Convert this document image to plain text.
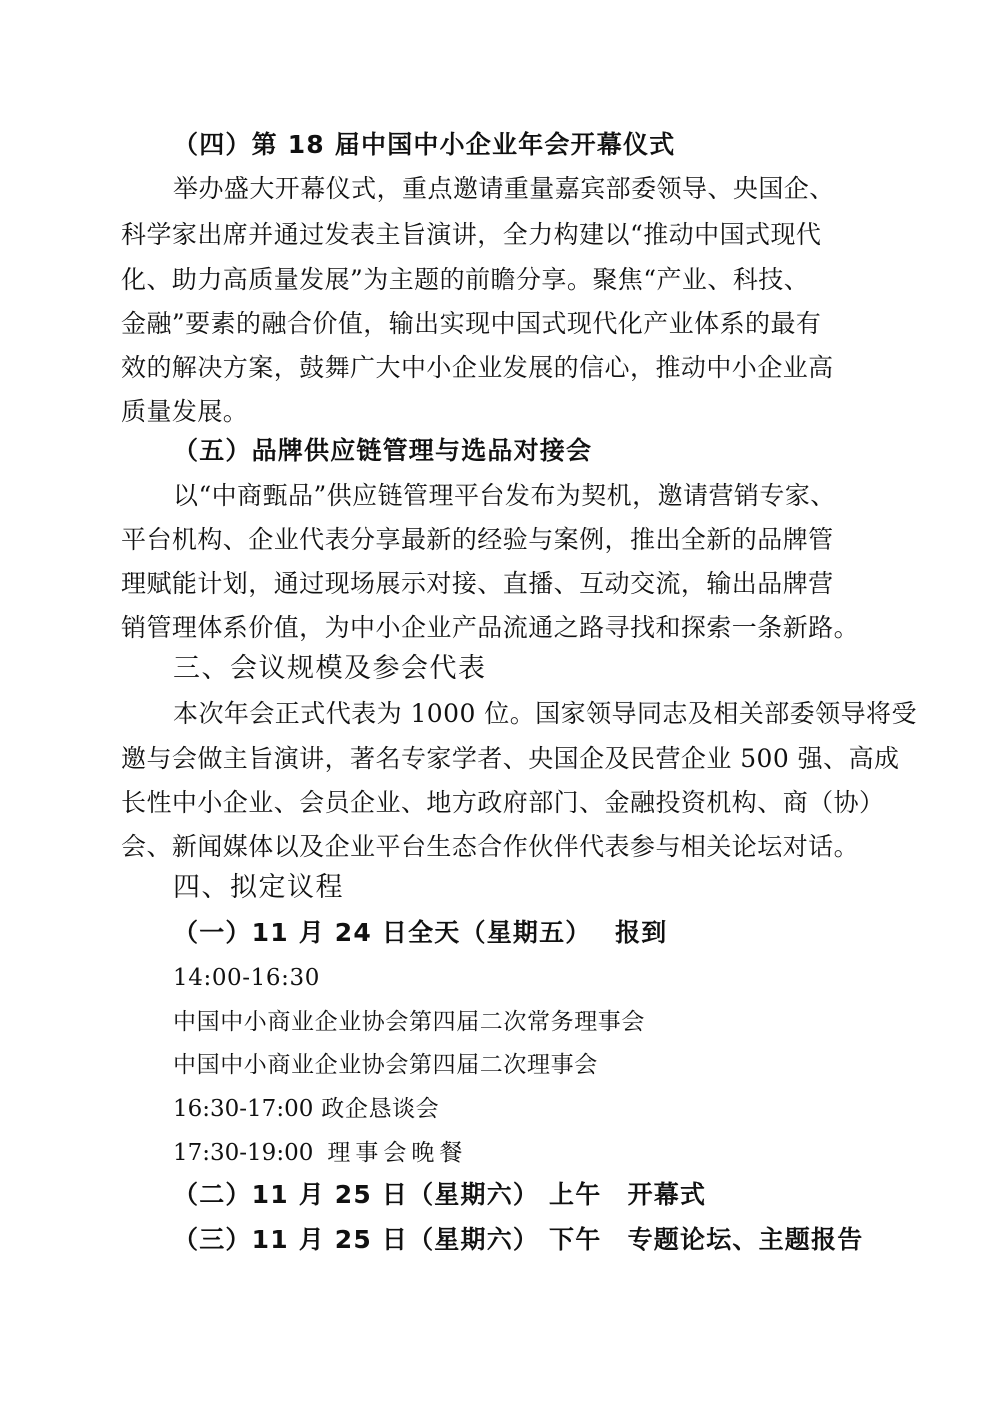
（四）第 18 届中国中小企业年会开幕仪式
举办盛大开幕仪式，重点邀请重量嘉宾部委领导、央国企、
科学家出席并通过发表主旨演讲，全力构建以“推动中国式现代
化、助力高质量发展”为主题的前瞻分享。聚焦“产业、科技、
金融”要素的融合价值，输出实现中国式现代化产业体系的最有
效的解决方案，鼓舞广大中小企业发展的信心，推动中小企业高
质量发展。
（五）品牌供应链管理与选品对接会
以“中商甄品”供应链管理平台发布为契机，邀请营销专家、
平台机构、企业代表分享最新的经验与案例，推出全新的品牌管
理赋能计划，通过现场展示对接、直播、互动交流，输出品牌营
销管理体系价值，为中小企业产品流通之路寻找和探索一条新路。
三、会议规模及参会代表
本次年会正式代表为 1000 位。国家领导同志及相关部委领导将受
邀与会做主旨演讲，著名专家学者、央国企及民营企业 500 强、高成
长性中小企业、会员企业、地方政府部门、金融投资机构、商（协）
会、新闻媒体以及企业平台生态合作伙伴代表参与相关论坛对话。
四、拟定议程
（一）11 月 24 日全天（星期五）　 报到
14:00-16:30
中国中小商业企业协会第四届二次常务理事会
中国中小商业企业协会第四届二次理事会
16:30-17:00 政企恳谈会
17:30-19:00 理事会晚餐
（二）11 月 25 日（星期六） 上午　开幕式
（三）11 月 25 日（星期六） 下午　专题论坛、主题报告
